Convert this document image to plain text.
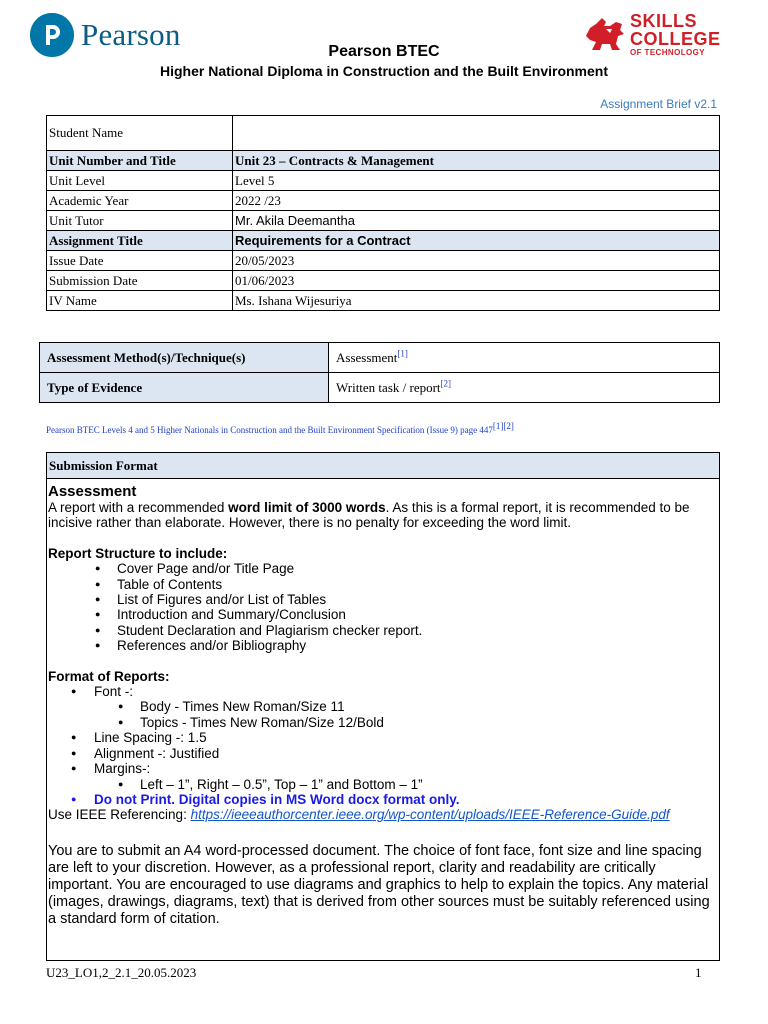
Pearson	SKILLS
COLLEGE
OF TECHNOLOGY
Pearson BTEC
Higher National Diploma in Construction and the Built Environment
Assignment Brief v2.1
Student Name	
Unit Number and Title	Unit 23 – Contracts & Management
Unit Level	Level 5
Academic Year	2022 /23
Unit Tutor	Mr. Akila Deemantha
Assignment Title	Requirements for a Contract
Issue Date	20/05/2023
Submission Date	01/06/2023
IV Name	Ms. Ishana Wijesuriya
Assessment Method(s)/Technique(s)	Assessment[1]
Type of Evidence	Written task / report[2]
Pearson BTEC Levels 4 and 5 Higher Nationals in Construction and the Built Environment Specification (Issue 9) page 447[1][2]
Submission Format
Assessment

A report with a recommended word limit of 3000 words. As this is a formal report, it is recommended to be incisive rather than elaborate. However, there is no penalty for exceeding the word limit.

Report Structure to include:

● Cover Page and/or Title Page
● Table of Contents
● List of Figures and/or List of Tables
● Introduction and Summary/Conclusion
● Student Declaration and Plagiarism checker report.
● References and/or Bibliography

Format of Reports:

● Font -:
● Body - Times New Roman/Size 11
● Topics - Times New Roman/Size 12/Bold
● Line Spacing -: 1.5
● Alignment -: Justified
● Margins-:
● Left – 1”, Right – 0.5”, Top – 1” and Bottom – 1”
● Do not Print. Digital copies in MS Word docx format only.

Use IEEE Referencing: https://ieeeauthorcenter.ieee.org/wp-content/uploads/IEEE-Reference-Guide.pdf

You are to submit an A4 word-processed document. The choice of font face, font size and line spacing are left to your discretion. However, as a professional report, clarity and readability are critically important. You are encouraged to use diagrams and graphics to help to explain the topics. Any material (images, drawings, diagrams, text) that is derived from other sources must be suitably referenced using a standard form of citation.

U23_LO1,2_2.1_20.05.2023	1
